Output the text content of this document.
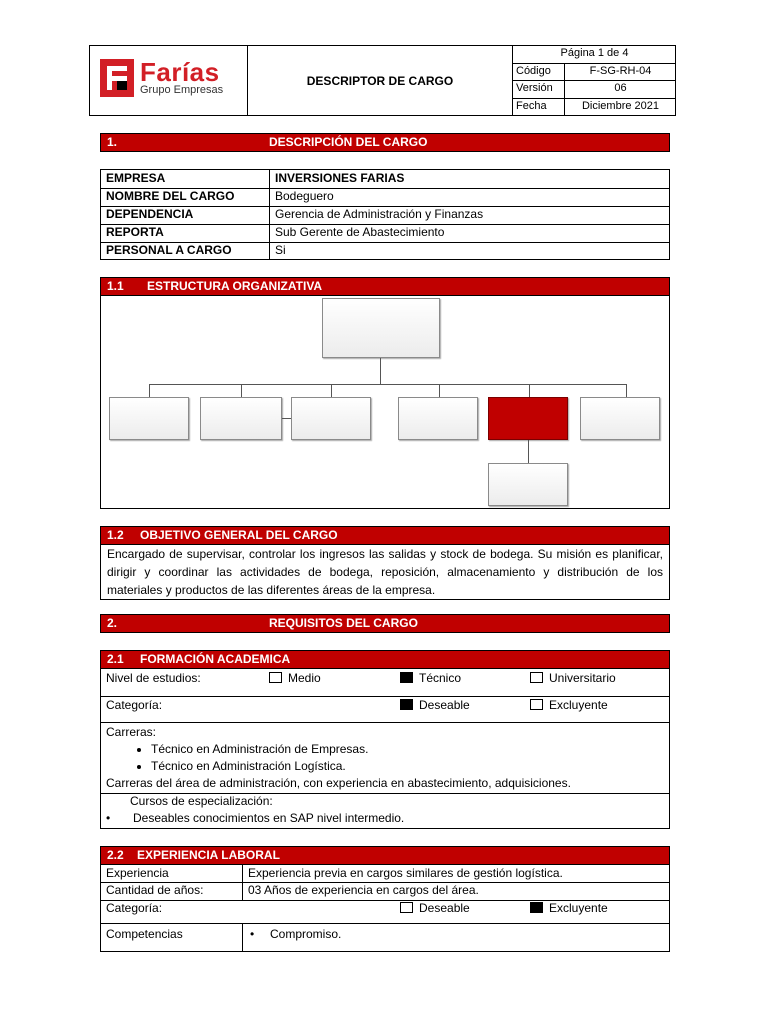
Farías
Grupo Empresas
DESCRIPTOR DE CARGO
Página 1 de 4
Código	F-SG-RH-04
Versión	06
Fecha	Diciembre 2021
1.	DESCRIPCIÓN DEL CARGO
EMPRESA	INVERSIONES FARIAS
NOMBRE DEL CARGO	Bodeguero
DEPENDENCIA	Gerencia de Administración y Finanzas
REPORTA	Sub Gerente de Abastecimiento
PERSONAL A CARGO	Si
1.1 ESTRUCTURA ORGANIZATIVA
1.2 OBJETIVO GENERAL DEL CARGO
Encargado de supervisar, controlar los ingresos las salidas y stock de bodega. Su misión es planificar, dirigir y coordinar las actividades de bodega, reposición, almacenamiento y distribución de los materiales y productos de las diferentes áreas de la empresa.
2.	REQUISITOS DEL CARGO
2.1 FORMACIÓN ACADEMICA
Nivel de estudios:	Medio	Técnico	Universitario
Categoría:	Deseable	Excluyente
Carreras:
• Técnico en Administración de Empresas.
• Técnico en Administración Logística.
Carreras del área de administración, con experiencia en abastecimiento, adquisiciones.
Cursos de especialización:
• Deseables conocimientos en SAP nivel intermedio.
2.2 EXPERIENCIA LABORAL
Experiencia	Experiencia previa en cargos similares de gestión logística.
Cantidad de años:	03 Años de experiencia en cargos del área.
Categoría:	Deseable	Excluyente
Competencias	• Compromiso.
